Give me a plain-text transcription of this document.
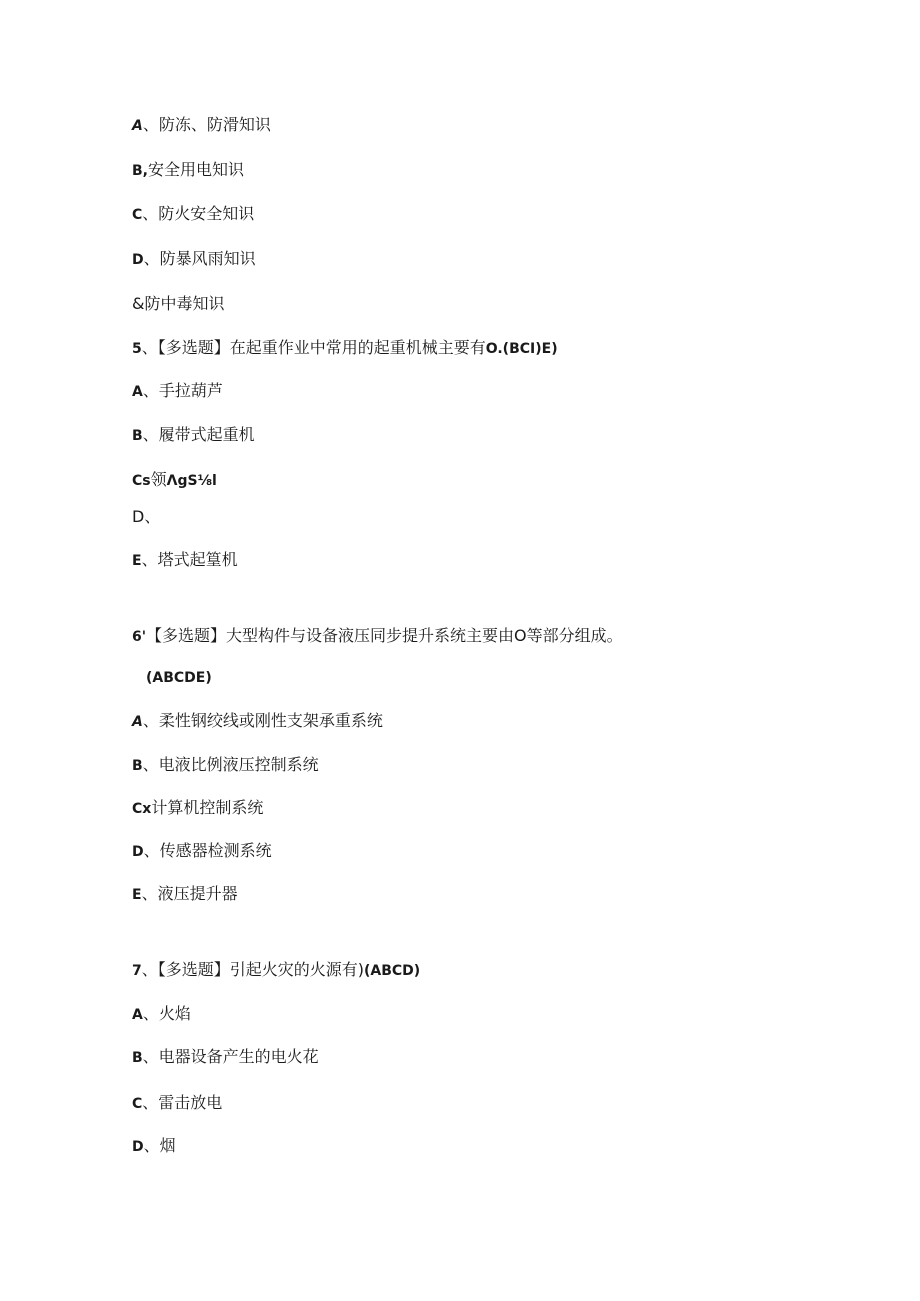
A、防冻、防滑知识
B,安全用电知识
C、防火安全知识
D、防暴风雨知识
&防中毒知识
5、【多选题】在起重作业中常用的起重机械主要有O.(BCI)E)
A、手拉葫芦
B、履带式起重机
Cs领ΛgS⅛l
D、
E、塔式起篁机
6'【多选题】大型构件与设备液压同步提升系统主要由O等部分组成。
(ABCDE)
A、柔性钢绞线或刚性支架承重系统
B、电液比例液压控制系统
Cx计算机控制系统
D、传感器检测系统
E、液压提升器
7、【多选题】引起火灾的火源有)(ABCD)
A、火焰
B、电器设备产生的电火花
C、雷击放电
D、烟
